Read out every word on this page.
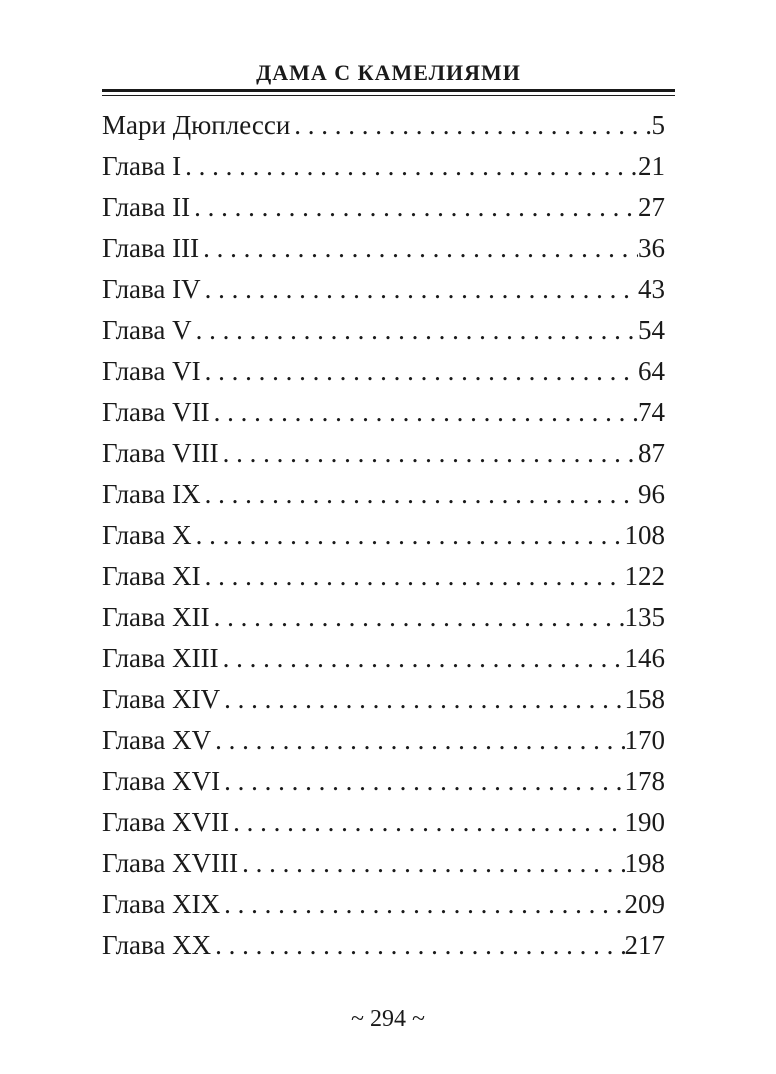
ДАМА С КАМЕЛИЯМИ
Мари Дюплесси . . .	5
Глава I . . .	21
Глава II . . .	27
Глава III . . .	36
Глава IV . . .	43
Глава V . . .	54
Глава VI . . .	64
Глава VII . . .	74
Глава VIII . . .	87
Глава IX . . .	96
Глава X . . .	108
Глава XI . . .	122
Глава XII . . .	135
Глава XIII . . .	146
Глава XIV . . .	158
Глава XV . . .	170
Глава XVI . . .	178
Глава XVII . . .	190
Глава XVIII . . .	198
Глава XIX . . .	209
Глава XX . . .	217
~ 294 ~
